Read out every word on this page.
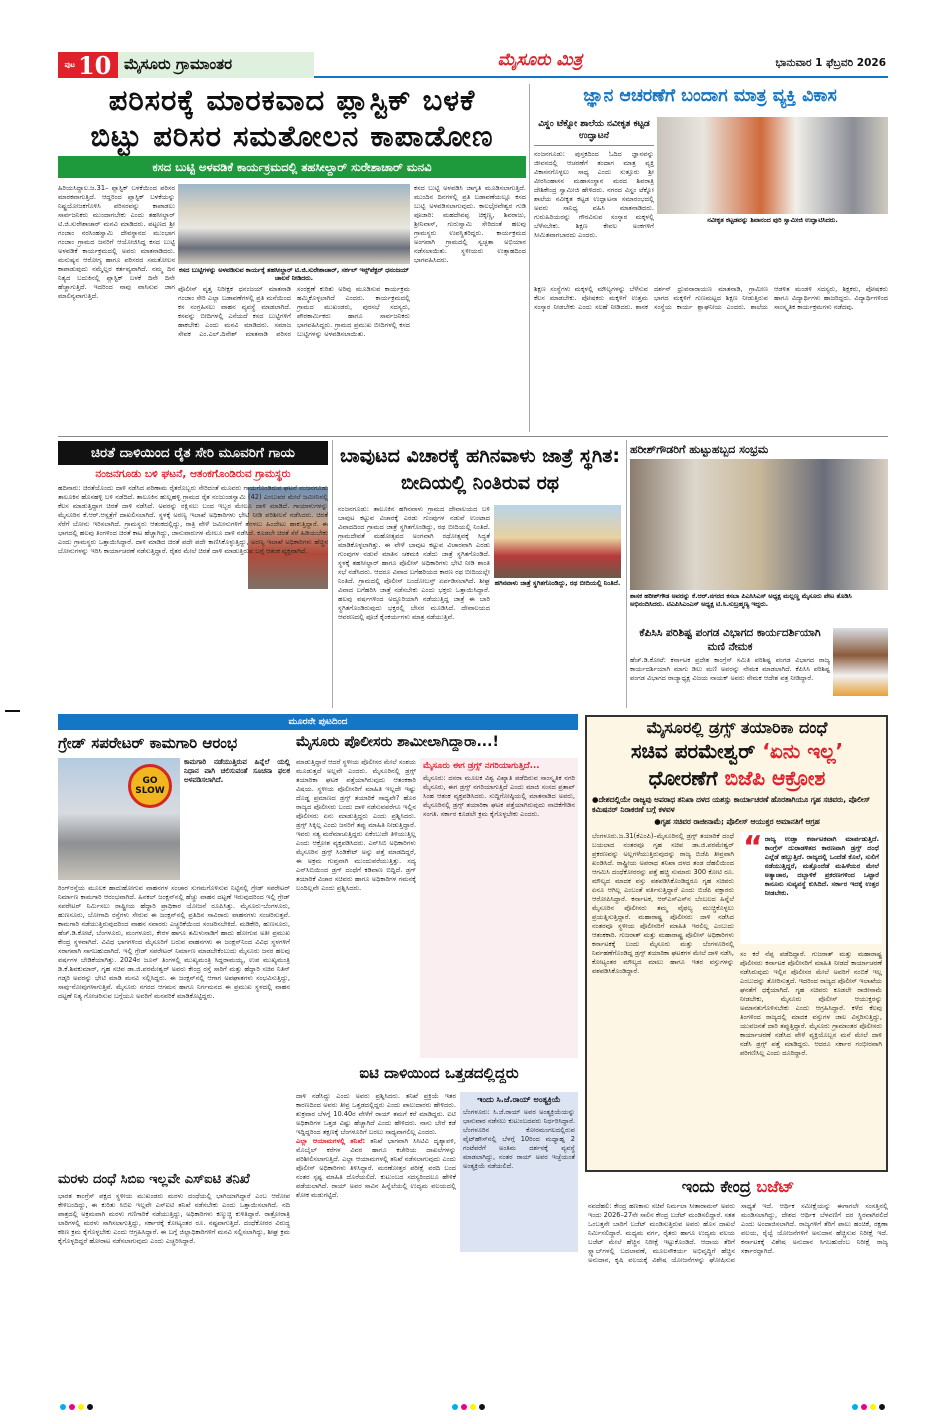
ಪುಟ 10 ಮೈಸೂರು ಗ್ರಾಮಾಂತರ	ಮೈಸೂರು ಮಿತ್ರ	ಭಾನುವಾರ 1 ಫೆಬ್ರವರಿ 2026
ಪರಿಸರಕ್ಕೆ ಮಾರಕವಾದ ಪ್ಲಾಸ್ಟಿಕ್ ಬಳಕೆ
ಬಿಟ್ಟು ಪರಿಸರ ಸಮತೋಲನ ಕಾಪಾಡೋಣ
ಕಸದ ಬುಟ್ಟಿ ಅಳವಡಿಕೆ ಕಾರ್ಯಕ್ರಮದಲ್ಲಿ ತಹಸೀಲ್ದಾರ್ ಸುರೇಶಾಚಾರ್ ಮನವಿ
ಹಿರಿಯಸಿದ್ದಾಲ.ಜ.31– ಪ್ಲಾಸ್ಟಿಕ್ ಬಳಕೆಯಿಂದ ಪರಿಸರ ಮಾರಕವಾಗುತ್ತಿದೆ. ಆದ್ದರಿಂದ ಪ್ಲಾಸ್ಟಿಕ್ ಬಳಕೆಯನ್ನು ನಿಷ್ಟ್ರಯೋಜಕಗೊಳಿಸಿ ಪರಿಸರವನ್ನು ಕಾಪಾಡಲು ಸಾರ್ವಜನಿಕರು ಮುಂದಾಗಬೇಕು ಎಂದು ತಹಸೀಲ್ದಾರ್ ಟಿ.ಜಿ.ಸುರೇಶಾಚಾರ್ ಮನವಿ ಮಾಡಿದರು. ಪಟ್ಟಣದ ಶ್ರೀ ಗಂಜಾಂ ನರಸಿಂಹಸ್ವಾಮಿ ದೇವಸ್ಥಾನದ ಮುಂಭಾಗ ಗಂಜಾಂ ಗ್ರಾಮದ ಜನರಿಗೆ ಆಯೋಜಿಸಿದ್ದ ಕಸದ ಬುಟ್ಟಿ ಅಳವಡಿಕೆ ಕಾರ್ಯಕ್ರಮದಲ್ಲಿ ಅವರು ಮಾತನಾಡಿದರು. ಮನುಷ್ಯನ ಆರೋಗ್ಯ ಹಾಗೂ ಪರಿಸರದ ಸಮತೋಲನ ಕಾಪಾಡುವುದು ನಮ್ಮೆಲ್ಲರ ಕರ್ತವ್ಯವಾಗಿದೆ. ನಮ್ಮ ದಿನ ನಿತ್ಯದ ಬದುಕಿನಲ್ಲಿ ಪ್ಲಾಸ್ಟಿಕ್ ಬಳಕೆ ದಿನೇ ದಿನೇ ಹೆಚ್ಚಾಗುತ್ತಿದೆ. ಇದರಿಂದ ನಾವು ವಾಸಿಸುವ ಜಾಗ ಮಾಲಿನ್ಯವಾಗುತ್ತಿದೆ.
ಕಸದ ಬುಟ್ಟಿಗಳನ್ನು ಅಳವಡಿಸುವ ಕಾರ್ಯಕ್ಕೆ ತಹಸೀಲ್ದಾರ್ ಟಿ.ಜಿ.ಸುರೇಶಾಚಾರ್, ಸರ್ಕಲ್ ಇನ್ಸ್‌ಪೆಕ್ಟರ್ ಧನಂಜಯ್ ಚಾಲನೆ ನೀಡಿದರು.
ಪೊಲೀಸ್ ವೃತ್ತ ನಿರೀಕ್ಷಕ ಧನಂಜಯ್ ಮಾತನಾಡಿ ಗಂಜಾಂ ಸೇರಿ ಎಲ್ಲಾ ಬಡಾವಣೆಗಳಲ್ಲಿ ಪ್ರತಿ ಮನೆಯಿಂದ ಕಸ ಸಂಗ್ರಹಿಸಲು ವಾಹನ ವ್ಯವಸ್ಥೆ ಮಾಡಲಾಗಿದೆ. ಕಸವನ್ನು ಬೀದಿಗಳಲ್ಲಿ ಎಸೆಯದೆ ಕಸದ ಬುಟ್ಟಿಗಳಿಗೆ ಹಾಕಬೇಕು ಎಂದು ಮನವಿ ಮಾಡಿದರು. ಸಮಾಜ ಸೇವಕ ಎಂ.ಎಲ್.ದಿನೇಶ್ ಮಾತನಾಡಿ ಪರಿಸರ ಸಂರಕ್ಷಣೆ ಕುರಿತು ಅರಿವು ಮೂಡಿಸುವ ಕಾರ್ಯಕ್ರಮ ಹಮ್ಮಿಕೊಳ್ಳಲಾಗಿದೆ ಎಂದರು. ಕಾರ್ಯಕ್ರಮದಲ್ಲಿ ಗ್ರಾಮದ ಮುಖಂಡರು, ಪುರಸಭೆ ಸದಸ್ಯರು, ಪೌರಕಾರ್ಮಿಕರು ಹಾಗೂ ಸಾರ್ವಜನಿಕರು ಭಾಗವಹಿಸಿದ್ದರು. ಗ್ರಾಮದ ಪ್ರಮುಖ ಬೀದಿಗಳಲ್ಲಿ ಕಸದ ಬುಟ್ಟಿಗಳನ್ನು ಅಳವಡಿಸಲಾಯಿತು.
ಕಸದ ಬುಟ್ಟಿ ಅಳವಡಿಸಿ ಜಾಗೃತಿ ಮೂಡಿಸಲಾಗುತ್ತಿದೆ. ಮುಂದಿನ ದಿನಗಳಲ್ಲಿ ಪ್ರತಿ ಬಡಾವಣೆಯಲ್ಲೂ ಕಸದ ಬುಟ್ಟಿ ಅಳವಡಿಸಲಾಗುವುದು. ಕಾಲಭೈರವೇಶ್ವರ ಗುಡಿ ಪೂಜಾರಿ: ಮಹದೇವಪ್ಪ ಚಿಕ್ಕಣ್ಣ, ಶಿವರಾಜು, ಶ್ರೀನಿವಾಸ್, ಗುರುಸ್ವಾಮಿ ಸೇರಿದಂತೆ ಹಲವು ಗ್ರಾಮಸ್ಥರು ಉಪಸ್ಥಿತರಿದ್ದರು. ಕಾರ್ಯಕ್ರಮದ ಅಂಗವಾಗಿ ಗ್ರಾಮದಲ್ಲಿ ಸ್ವಚ್ಛತಾ ಅಭಿಯಾನ ನಡೆಸಲಾಯಿತು. ಸ್ಥಳೀಯರು ಉತ್ಸಾಹದಿಂದ ಭಾಗವಹಿಸಿದರು.
ಜ್ಞಾನ ಆಚರಣೆಗೆ ಬಂದಾಗ ಮಾತ್ರ ವ್ಯಕ್ತಿ ವಿಕಾಸ
ವಿಸ್ಡಂ ಟೆಕ್ನೋ ಶಾಲೆಯ ನವೀಕೃತ ಕಟ್ಟಡ ಉದ್ಘಾಟನೆ
ನಂಜನಗೂಡು: ಪುಸ್ತಕದಿಂದ ಓದಿದ ಜ್ಞಾನವನ್ನು ಜೀವನದಲ್ಲಿ ಆಚರಣೆಗೆ ತಂದಾಗ ಮಾತ್ರ ವ್ಯಕ್ತಿ ವಿಕಾಸನಗೊಳ್ಳಲು ಸಾಧ್ಯ ಎಂದು ಸುತ್ತೂರು ಶ್ರೀ ವೀರಸಿಂಹಾಸನ ಮಹಾಸಂಸ್ಥಾನ ಮಠದ ಶಿವರಾತ್ರಿ ದೇಶಿಕೇಂದ್ರ ಸ್ವಾಮೀಜಿ ಹೇಳಿದರು. ನಗರದ ವಿಸ್ಡಂ ಟೆಕ್ನೋ ಶಾಲೆಯ ನವೀಕೃತ ಕಟ್ಟಡ ಉದ್ಘಾಟನಾ ಸಮಾರಂಭದಲ್ಲಿ ಅವರು ಸಾನಿಧ್ಯ ವಹಿಸಿ ಮಾತನಾಡಿದರು. ಗುರುಹಿರಿಯರನ್ನು ಗೌರವಿಸುವ ಸಂಸ್ಕಾರ ಮಕ್ಕಳಲ್ಲಿ ಬೆಳೆಸಬೇಕು. ಶಿಕ್ಷಣ ಕೇವಲ ಅಂಕಗಳಿಗೆ ಸೀಮಿತವಾಗಬಾರದು ಎಂದರು.
ನವೀಕೃತ ಕಟ್ಟಡವನ್ನು ಶಿವಾನಂದ ಪುರಿ ಸ್ವಾಮೀಜಿ ಉದ್ಘಾಟಿಸಿದರು.
ಶಿಕ್ಷಣ ಸಂಸ್ಥೆಗಳು ಮಕ್ಕಳಲ್ಲಿ ಮೌಲ್ಯಗಳನ್ನು ಬೆಳೆಸುವ ಕೆಲಸ ಮಾಡಬೇಕು. ಪೋಷಕರು ಮಕ್ಕಳಿಗೆ ಉತ್ತಮ ಸಂಸ್ಕಾರ ನೀಡಬೇಕು ಎಂದು ಸಲಹೆ ನೀಡಿದರು. ಶಾಸಕ ದರ್ಶನ್ ಧ್ರುವನಾರಾಯಣ ಮಾತನಾಡಿ, ಗ್ರಾಮೀಣ ಭಾಗದ ಮಕ್ಕಳಿಗೆ ಗುಣಮಟ್ಟದ ಶಿಕ್ಷಣ ನೀಡುತ್ತಿರುವ ಸಂಸ್ಥೆಯ ಕಾರ್ಯ ಶ್ಲಾಘನೀಯ ಎಂದರು. ಶಾಲೆಯ ಆಡಳಿತ ಮಂಡಳಿ ಸದಸ್ಯರು, ಶಿಕ್ಷಕರು, ಪೋಷಕರು ಹಾಗೂ ವಿದ್ಯಾರ್ಥಿಗಳು ಹಾಜರಿದ್ದರು. ವಿದ್ಯಾರ್ಥಿಗಳಿಂದ ಸಾಂಸ್ಕೃತಿಕ ಕಾರ್ಯಕ್ರಮಗಳು ನಡೆದವು.
ಚಿರತೆ ದಾಳಿಯಿಂದ ರೈತ ಸೇರಿ ಮೂವರಿಗೆ ಗಾಯ
ನಂಜನಗೂಡು ಬಳಿ ಘಟನೆ, ಆತಂಕಗೊಂಡಿರುವ ಗ್ರಾಮಸ್ಥರು
ಹದಿನಾರು: ಚಿರತೆಯೊಂದು ದಾಳಿ ನಡೆಸಿದ ಪರಿಣಾಮ ರೈತರೊಬ್ಬರು ಸೇರಿದಂತೆ ಮೂವರು ಗಾಯಗೊಂಡಿರುವ ಘಟನೆ ನಂಜನಗೂಡು ತಾಲೂಕಿನ ಹೊಸಹಳ್ಳಿ ಬಳಿ ನಡೆದಿದೆ. ತಾಲೂಕಿನ ಹುಲ್ಲಹಳ್ಳಿ ಗ್ರಾಮದ ರೈತ ನಂಜುಂಡಸ್ವಾಮಿ (42) ಎಂಬುವರ ಮೇಲೆ ಜಮೀನಿನಲ್ಲಿ ಕೆಲಸ ಮಾಡುತ್ತಿದ್ದಾಗ ಚಿರತೆ ದಾಳಿ ನಡೆಸಿದೆ. ಅವರನ್ನು ರಕ್ಷಿಸಲು ಬಂದ ಇಬ್ಬರ ಮೇಲೂ ದಾಳಿ ಮಾಡಿದೆ. ಗಾಯಾಳುಗಳನ್ನು ಮೈಸೂರಿನ ಕೆ.ಆರ್.ಆಸ್ಪತ್ರೆಗೆ ದಾಖಲಿಸಲಾಗಿದೆ. ಸ್ಥಳಕ್ಕೆ ಅರಣ್ಯ ಇಲಾಖೆ ಅಧಿಕಾರಿಗಳು ಭೇಟಿ ನೀಡಿ ಪರಿಶೀಲನೆ ನಡೆಸಿದರು. ಚಿರತೆ ಸೆರೆಗೆ ಬೋನು ಇರಿಸಲಾಗಿದೆ. ಗ್ರಾಮಸ್ಥರು ಆತಂಕದಲ್ಲಿದ್ದು, ರಾತ್ರಿ ವೇಳೆ ಜಮೀನುಗಳಿಗೆ ತೆರಳಲು ಹಿಂದೇಟು ಹಾಕುತ್ತಿದ್ದಾರೆ. ಈ ಭಾಗದಲ್ಲಿ ಹಲವು ತಿಂಗಳಿಂದ ಚಿರತೆ ಕಾಟ ಹೆಚ್ಚಾಗಿದ್ದು, ಜಾನುವಾರುಗಳ ಮೇಲೂ ದಾಳಿ ನಡೆಸಿದೆ. ಕೂಡಲೇ ಚಿರತೆ ಸೆರೆ ಹಿಡಿಯಬೇಕು ಎಂದು ಗ್ರಾಮಸ್ಥರು ಒತ್ತಾಯಿಸಿದ್ದಾರೆ. ದಾಳಿ ಮಾಡಿದ ಚಿರತೆ ಪದೇ ಪದೇ ಕಾಣಿಸಿಕೊಳ್ಳುತ್ತಿದ್ದು, ಅರಣ್ಯ ಇಲಾಖೆ ಅಧಿಕಾರಿಗಳು ಹೆಚ್ಚಿನ ಬೋನುಗಳನ್ನು ಇರಿಸಿ ಕಾರ್ಯಾಚರಣೆ ನಡೆಸುತ್ತಿದ್ದಾರೆ. ರೈತರ ಮೇಲೆ ಚಿರತೆ ದಾಳಿ ಮಾಡುತ್ತಿರುವ ಬಗ್ಗೆ ಆತಂಕ ವ್ಯಕ್ತವಾಗಿದೆ.
ಬಾವುಟದ ವಿಚಾರಕ್ಕೆ ಹಗಿನವಾಳು ಜಾತ್ರೆ ಸ್ಥಗಿತ: ಬೀದಿಯಲ್ಲಿ ನಿಂತಿರುವ ರಥ
ಹಗಿನವಾಳು ಜಾತ್ರೆ ಸ್ಥಗಿತಗೊಂಡಿದ್ದು, ರಥ ಬೀದಿಯಲ್ಲಿ ನಿಂತಿದೆ.
ನಂಜನಗೂಡು: ತಾಲೂಕಿನ ಹಗಿನವಾಳು ಗ್ರಾಮದ ದೇವಾಲಯದ ಬಳಿ ಬಾವುಟ ಕಟ್ಟುವ ವಿಚಾರಕ್ಕೆ ಎರಡು ಗುಂಪುಗಳ ನಡುವೆ ಉಂಟಾದ ವಿವಾದದಿಂದ ಗ್ರಾಮದ ಜಾತ್ರೆ ಸ್ಥಗಿತಗೊಂಡಿದ್ದು, ರಥ ಬೀದಿಯಲ್ಲಿ ನಿಂತಿದೆ. ಗ್ರಾಮದೇವತೆ ಮಹೋತ್ಸವದ ಅಂಗವಾಗಿ ರಥೋತ್ಸವಕ್ಕೆ ಸಿದ್ಧತೆ ಮಾಡಿಕೊಳ್ಳಲಾಗಿತ್ತು. ಈ ವೇಳೆ ಬಾವುಟ ಕಟ್ಟುವ ವಿಚಾರವಾಗಿ ಎರಡು ಗುಂಪುಗಳ ನಡುವೆ ಮಾತಿನ ಚಕಮಕಿ ನಡೆದು ಜಾತ್ರೆ ಸ್ಥಗಿತಗೊಂಡಿದೆ. ಸ್ಥಳಕ್ಕೆ ತಹಸೀಲ್ದಾರ್ ಹಾಗೂ ಪೊಲೀಸ್ ಅಧಿಕಾರಿಗಳು ಭೇಟಿ ನೀಡಿ ಶಾಂತಿ ಸಭೆ ನಡೆಸಿದರು. ಆದರೂ ವಿವಾದ ಬಗೆಹರಿಯದ ಕಾರಣ ರಥ ಬೀದಿಯಲ್ಲೇ ನಿಂತಿದೆ. ಗ್ರಾಮದಲ್ಲಿ ಪೊಲೀಸ್ ಬಂದೋಬಸ್ತ್ ಏರ್ಪಡಿಸಲಾಗಿದೆ. ಶೀಘ್ರ ವಿವಾದ ಬಗೆಹರಿಸಿ ಜಾತ್ರೆ ನಡೆಸಬೇಕು ಎಂದು ಭಕ್ತರು ಒತ್ತಾಯಿಸಿದ್ದಾರೆ. ಹಲವು ವರ್ಷಗಳಿಂದ ಅದ್ಧೂರಿಯಾಗಿ ನಡೆಯುತ್ತಿದ್ದ ಜಾತ್ರೆ ಈ ಬಾರಿ ಸ್ಥಗಿತಗೊಂಡಿರುವುದು ಭಕ್ತರಲ್ಲಿ ಬೇಸರ ಮೂಡಿಸಿದೆ. ದೇವಾಲಯದ ಆವರಣದಲ್ಲಿ ಪೂಜೆ ಕೈಂಕರ್ಯಗಳು ಮಾತ್ರ ನಡೆಯುತ್ತಿವೆ.
ಹರೀಶ್‌ಗೌಡರಿಗೆ ಹುಟ್ಟುಹಬ್ಬದ ಸಂಭ್ರಮ
ಶಾಸಕ ಹರೀಶ್‌ಗೌಡ ಅವರನ್ನು ಕೆ.ಆರ್.ನಗರದ ಕಸಬಾ ಪಿಎಸಿಸಿಎಸ್ ಅಧ್ಯಕ್ಷ ಮಲ್ಲಣ್ಣ ಮೈಸೂರು ಪೇಟ ತೊಡಿಸಿ ಅಭಿನಂದಿಸಿದರು. ಟಿಎಪಿಸಿಎಂಎಸ್ ಅಧ್ಯಕ್ಷ ಟಿ.ಸಿ.ಸುಬ್ರಹ್ಮಣ್ಯ ಇದ್ದರು.
ಕೆಪಿಸಿಸಿ ಪರಿಶಿಷ್ಟ ಪಂಗಡ ವಿಭಾಗದ ಕಾರ್ಯದರ್ಶಿಯಾಗಿ ಮಣಿ ನೇಮಕ
ಹೆಚ್.ಡಿ.ಕೋಟೆ: ಕರ್ನಾಟಕ ಪ್ರದೇಶ ಕಾಂಗ್ರೆಸ್ ಸಮಿತಿ ಪರಿಶಿಷ್ಟ ಪಂಗಡ ವಿಭಾಗದ ರಾಜ್ಯ ಕಾರ್ಯದರ್ಶಿಯಾಗಿ ಮಾಗು ಡಿಲು ಮಣಿ ಅವರನ್ನು ನೇಮಕ ಮಾಡಲಾಗಿದೆ. ಕೆಪಿಸಿಸಿ ಪರಿಶಿಷ್ಟ ಪಂಗಡ ವಿಭಾಗದ ರಾಜ್ಯಾಧ್ಯಕ್ಷ ವಿಜಯ ನಾಯಕ್ ಅವರು ನೇಮಕ ಆದೇಶ ಪತ್ರ ನೀಡಿದ್ದಾರೆ.
ಮೂರನೇ ಪುಟದಿಂದ
ಗ್ರೇಡ್ ಸಪರೇಟರ್ ಕಾಮಗಾರಿ ಆರಂಭ
GO
SLOW
ಕಾಮಗಾರಿ ನಡೆಯುತ್ತಿರುವ ಹಿನ್ನೆಲೆ ಯಲ್ಲಿ ನಿಧಾನ ವಾಗಿ ಚಲಿಸುವಂತೆ ಸೂಚನಾ ಫಲಕ ಅಳವಡಿಸಲಾಗಿದೆ.
ರಿಂಗ್‌ರಸ್ತೆಯ ಮೂಲಕ ಹಾದುಹೋಗುವ ವಾಹನಗಳ ಸಂಚಾರ ಸುಗಮಗೊಳಿಸುವ ನಿಟ್ಟಿನಲ್ಲಿ ಗ್ರೇಡ್ ಸಪರೇಟರ್ ನಿರ್ಮಾಣ ಕಾಮಗಾರಿ ಆರಂಭವಾಗಿದೆ. ಹಿನಕಲ್ ಜಂಕ್ಷನ್‌ನಲ್ಲಿ ಹೆಚ್ಚು ವಾಹನ ದಟ್ಟಣೆ ಇರುವುದರಿಂದ ಇಲ್ಲಿ ಗ್ರೇಡ್ ಸಪರೇಟರ್ ನಿರ್ಮಿಸಲು ರಾಷ್ಟ್ರೀಯ ಹೆದ್ದಾರಿ ಪ್ರಾಧಿಕಾರ ಯೋಜನೆ ರೂಪಿಸಿತ್ತು. ಮೈಸೂರು-ಬೆಂಗಳೂರು, ಹುಣಸೂರು, ಬೋಗಾದಿ ರಸ್ತೆಗಳು ಸೇರುವ ಈ ಜಂಕ್ಷನ್‌ನಲ್ಲಿ ಪ್ರತಿದಿನ ಸಾವಿರಾರು ವಾಹನಗಳು ಸಂಚರಿಸುತ್ತವೆ. ಕಾಮಗಾರಿ ನಡೆಯುತ್ತಿರುವುದರಿಂದ ವಾಹನ ಸವಾರರು ಎಚ್ಚರಿಕೆಯಿಂದ ಸಂಚರಿಸಬೇಕಿದೆ. ಮಡಿಕೇರಿ, ಹುಣಸೂರು, ಹೆಚ್.ಡಿ.ಕೋಟೆ, ಬೆಂಗಳೂರು, ಮಂಗಳೂರು, ಕೇರಳ ಹಾಗೂ ತಮಿಳುನಾಡಿಗೆ ಹಾದು ಹೋಗುವ ಅತೀ ಪ್ರಮುಖ ಕೇಂದ್ರ ಸ್ಥಳವಾಗಿದೆ. ವಿವಿಧ ಭಾಗಗಳಿಂದ ಮೈಸೂರಿಗೆ ಬರುವ ವಾಹನಗಳು ಈ ಜಂಕ್ಷನ್‌ನಿಂದ ವಿವಿಧ ಸ್ಥಳಗಳಿಗೆ ಸರಾಗವಾಗಿ ಸಾಗಬಹುದಾಗಿದೆ. ಇಲ್ಲಿ ಗ್ರೇಡ್ ಸಪರೇಟರ್ ನಿರ್ಮಾಣ ಮಾಡಬೇಕೆಂಬುದು ಮೈಸೂರು ಜನರ ಹಲವು ವರ್ಷಗಳ ಬೇಡಿಕೆಯಾಗಿತ್ತು. 2024ರ ಜೂನ್ ತಿಂಗಳಲ್ಲಿ ಮುಖ್ಯಮಂತ್ರಿ ಸಿದ್ದರಾಮಯ್ಯ, ಉಪ ಮುಖ್ಯಮಂತ್ರಿ ಡಿ.ಕೆ.ಶಿವಕುಮಾರ್, ಗೃಹ ಸಚಿವ ಡಾ.ಜಿ.ಪರಮೇಶ್ವರ್ ಅವರು ಕೇಂದ್ರ ರಸ್ತೆ ಸಾರಿಗೆ ಮತ್ತು ಹೆದ್ದಾರಿ ಸಚಿವ ನಿತಿನ್ ಗಡ್ಕರಿ ಅವರನ್ನು ಭೇಟಿ ಮಾಡಿ ಮನವಿ ಸಲ್ಲಿಸಿದ್ದರು. ಈ ಜಂಕ್ಷನ್‌ನಲ್ಲಿ ಆಗಾಗ ಅಪಘಾತಗಳು ಸಂಭವಿಸುತ್ತಿದ್ದು, ಸಾವು-ನೋವುಗಳಾಗುತ್ತಿವೆ. ಮೈಸೂರು ನಗರದ ಆಗಮನ ಹಾಗೂ ನಿರ್ಗಮನದ ಈ ಪ್ರಮುಖ ಸ್ಥಳದಲ್ಲಿ ವಾಹನ ದಟ್ಟಣೆ ನಿತ್ಯ ಗೋಚರಿಸುವ ಬಗ್ಗೆಯೂ ಅವರಿಗೆ ಮನವರಿಕೆ ಮಾಡಿಕೊಟ್ಟಿದ್ದರು.
ಮರಳು ದಂಧೆ ಸಿಬಿಐ ಇಲ್ಲವೇ ಎಸ್‌ಐಟಿ ತನಿಖೆ
ಭಾರತ ಕಾಂಗ್ರೆಸ್ ಪಕ್ಷದ ಸ್ಥಳೀಯ ಮುಖಂಡರು ಮರಳು ದಂಧೆಯಲ್ಲಿ ಭಾಗಿಯಾಗಿದ್ದಾರೆ ಎಂಬ ಆರೋಪ ಕೇಳಿಬಂದಿದ್ದು, ಈ ಕುರಿತು ಸಿಬಿಐ ಇಲ್ಲವೇ ಎಸ್‌ಐಟಿ ತನಿಖೆ ನಡೆಸಬೇಕು ಎಂದು ಒತ್ತಾಯಿಸಲಾಗಿದೆ. ನದಿ ಪಾತ್ರದಲ್ಲಿ ಅಕ್ರಮವಾಗಿ ಮರಳು ಗಣಿಗಾರಿಕೆ ನಡೆಯುತ್ತಿದ್ದು, ಅಧಿಕಾರಿಗಳು ಕಣ್ಮುಚ್ಚಿ ಕುಳಿತಿದ್ದಾರೆ. ರಾತ್ರೋರಾತ್ರಿ ಲಾರಿಗಳಲ್ಲಿ ಮರಳು ಸಾಗಿಸಲಾಗುತ್ತಿದ್ದು, ಸರ್ಕಾರಕ್ಕೆ ಕೋಟ್ಯಂತರ ರೂ. ನಷ್ಟವಾಗುತ್ತಿದೆ. ದಂಧೆಕೋರರ ವಿರುದ್ಧ ಕಠಿಣ ಕ್ರಮ ಕೈಗೊಳ್ಳಬೇಕು ಎಂದು ಆಗ್ರಹಿಸಿದ್ದಾರೆ. ಈ ಬಗ್ಗೆ ಜಿಲ್ಲಾಧಿಕಾರಿಗಳಿಗೆ ಮನವಿ ಸಲ್ಲಿಸಲಾಗಿದ್ದು, ಶೀಘ್ರ ಕ್ರಮ ಕೈಗೊಳ್ಳದಿದ್ದರೆ ಹೋರಾಟ ನಡೆಸಲಾಗುವುದು ಎಂದು ಎಚ್ಚರಿಸಿದ್ದಾರೆ.
ಮೈಸೂರು ಪೊಲೀಸರು ಶಾಮೀಲಾಗಿದ್ದಾರಾ...!
ಮಾಡುತ್ತಿದ್ದಾರೆ ಆದರೆ ಸ್ಥಳೀಯ ಪೊಲೀಸರ ಮೇಲೆ ಸಂಶಯ ಮೂಡುತ್ತದೆ ಅಲ್ಲವೇ ಎಂದರು. ಮೈಸೂರಿನಲ್ಲಿ ಡ್ರಗ್ಸ್ ತಯಾರಿಕಾ ಘಟಕ ಪತ್ತೆಯಾಗಿರುವುದು ಆತಂಕಕಾರಿ ವಿಷಯ. ಸ್ಥಳೀಯ ಪೊಲೀಸರಿಗೆ ಮಾಹಿತಿ ಇಲ್ಲದೇ ಇಷ್ಟು ದೊಡ್ಡ ಪ್ರಮಾಣದ ಡ್ರಗ್ಸ್ ತಯಾರಿಕೆ ಸಾಧ್ಯವೇ? ಹೊರ ರಾಜ್ಯದ ಪೊಲೀಸರು ಬಂದು ದಾಳಿ ನಡೆಸುವವರೆಗೂ ಇಲ್ಲಿನ ಪೊಲೀಸರು ಏನು ಮಾಡುತ್ತಿದ್ದರು ಎಂದು ಪ್ರಶ್ನಿಸಿದರು. ಡ್ರಗ್ಸ್ ಸಿಕ್ಕಿಲ್ಲ ಎಂದು ಜನರಿಗೆ ತಪ್ಪು ಮಾಹಿತಿ ನೀಡುತ್ತಿದ್ದಾರೆ. ಇವರು ಸತ್ಯ ಮರೆಮಾಚುತ್ತಿದ್ದರು ಏಕೆಂಬುದೇ ತಿಳಿಯುತ್ತಿಲ್ಲ ಎಂದು ಆಕ್ರೋಶ ವ್ಯಕ್ತಪಡಿಸಿದರು. ಎನ್‌ಸಿಬಿ ಅಧಿಕಾರಿಗಳು ಮೈಸೂರಿನ ಡ್ರಗ್ಸ್ ಸಿಂಡಿಕೇಟ್ ಅನ್ನು ಪತ್ತೆ ಮಾಡದಿದ್ದರೆ, ಈ ಅಕ್ರಮ ಗುಪ್ತವಾಗಿ ಮುಂದುವರೆಯುತ್ತಿತ್ತು. ಸದ್ಯ ಎನ್‌ಸಿಬಿಯಿಂದ ಡ್ರಗ್ ದಂಧೆಗೆ ಕಡಿವಾಣ ಬಿದ್ದಿದೆ. ಡ್ರಗ್ ತಯಾರಿಕೆ ವಿಚಾರ ಸಚಿವರು ಹಾಗೂ ಅಧಿಕಾರಿಗಳ ಗಮನಕ್ಕೆ ಬಂದಿಲ್ಲವೇ ಎಂದು ಪ್ರಶ್ನಿಸಿದರು.
ಮೈಸೂರು ಈಗ ಡ್ರಗ್ಸ್ ನಗರಿಯಾಗುತ್ತಿದೆ...
ಮೈಸೂರು: ದಸರಾ ಮೂಲಕ ವಿಶ್ವ ವಿಖ್ಯಾತಿ ಪಡೆದಿರುವ ಸಾಂಸ್ಕೃತಿಕ ನಗರಿ ಮೈಸೂರು, ಈಗ ಡ್ರಗ್ಸ್ ನಗರಿಯಾಗುತ್ತಿದೆ ಎಂದು ಮಾಜಿ ಸಂಸದ ಪ್ರತಾಪ್ ಸಿಂಹ ಆತಂಕ ವ್ಯಕ್ತಪಡಿಸಿದರು. ಸುದ್ದಿಗೋಷ್ಠಿಯಲ್ಲಿ ಮಾತನಾಡಿದ ಅವರು, ಮೈಸೂರಿನಲ್ಲಿ ಡ್ರಗ್ಸ್ ತಯಾರಿಕಾ ಘಟಕ ಪತ್ತೆಯಾಗಿರುವುದು ನಾಚಿಕೆಗೇಡಿನ ಸಂಗತಿ. ಸರ್ಕಾರ ಕೂಡಲೇ ಕ್ರಮ ಕೈಗೊಳ್ಳಬೇಕು ಎಂದರು.
ಐಟಿ ದಾಳಿಯಿಂದ ಒತ್ತಡದಲ್ಲಿದ್ದರು
ದಾಳಿ ನಡೆಸಿದ್ದು ಎಂದು ಅವರು ಪ್ರಶ್ನಿಸಿದರು. ತನಿಖೆ ಪ್ರಕ್ರಿಯೆ ಇತರ ಕಾರಣದಿಂದ ಅವರು ತೀವ್ರ ಒತ್ತಡದಲ್ಲಿದ್ದರು ಎಂದು ಪಾಲುದಾರರು ಹೇಳಿದರು. ಶುಕ್ರವಾರ ಬೆಳಗ್ಗೆ 10.40ರ ವೇಳೆಗೆ ರಾಯ್ ತಮಗೆ ಕರೆ ಮಾಡಿದ್ದರು. ಐಟಿ ಅಧಿಕಾರಿಗಳ ಒತ್ತಡ ವಿಷ್ಟು ಹೆಚ್ಚಾಗಿದೆ ಎಂದು ಹೇಳಿದರು. ನಾನು ಬೇರೆ ಕಡೆ ಇದ್ದಿದ್ದರಿಂದ ತಕ್ಷಣಕ್ಕೆ ಬೆಂಗಳೂರಿಗೆ ಬರಲು ಸಾಧ್ಯವಾಗಲಿಲ್ಲ ಎಂದರು.
ಎಲ್ಲಾ ಆಯಾಮಗಳಲ್ಲಿ ತನಿಖೆ: ತನಿಖೆ ಭಾಗವಾಗಿ ಸಿಸಿಟಿವಿ ದೃಶ್ಯಾವಳಿ, ಮೊಬೈಲ್ ಕರೆಗಳ ವಿವರ ಹಾಗೂ ಕಚೇರಿಯ ದಾಖಲೆಗಳನ್ನು ಪರಿಶೀಲಿಸಲಾಗುತ್ತಿದೆ. ಎಲ್ಲಾ ಆಯಾಮಗಳಲ್ಲಿ ತನಿಖೆ ನಡೆಸಲಾಗುವುದು ಎಂದು ಪೊಲೀಸ್ ಅಧಿಕಾರಿಗಳು ತಿಳಿಸಿದ್ದಾರೆ. ಮರಣೋತ್ತರ ಪರೀಕ್ಷೆ ವರದಿ ಬಂದ ನಂತರ ಸ್ಪಷ್ಟ ಮಾಹಿತಿ ದೊರೆಯಲಿದೆ. ಕುಟುಂಬದ ಸದಸ್ಯರಿಂದಲೂ ಹೇಳಿಕೆ ಪಡೆಯಲಾಗಿದೆ. ರಾಯ್ ಅವರ ಸಾವಿನ ಹಿನ್ನೆಲೆಯಲ್ಲಿ ಉದ್ಯಮ ವಲಯದಲ್ಲಿ ಶೋಕ ಮಡುಗಟ್ಟಿದೆ.
ಇಂದು ಸಿ.ಜೆ.ರಾಯ್ ಅಂತ್ಯಕ್ರಿಯೆ
ಬೆಂಗಳೂರು: ಸಿ.ಜೆ.ರಾಯ್ ಅವರ ಅಂತ್ಯಕ್ರಿಯೆಯನ್ನು ಭಾನುವಾರ ನಡೆಸಲು ಕುಟುಂಬದವರು ನಿರ್ಧರಿಸಿದ್ದಾರೆ. ಬೆಂಗಳೂರಿನ ಕೋರಮಂಗಲದಲ್ಲಿರುವ ವೈಟ್‌ಹೌಸ್‌ನಲ್ಲಿ ಬೆಳಗ್ಗೆ 10ರಿಂದ ಮಧ್ಯಾಹ್ನ 2 ಗಂಟೆವರೆಗೆ ಅಂತಿಮ ದರ್ಶನಕ್ಕೆ ವ್ಯವಸ್ಥೆ ಮಾಡಲಾಗಿದ್ದು, ನಂತರ ರಾಯ್ ಅವರ ಇಚ್ಛೆಯಂತೆ ಅಂತ್ಯಕ್ರಿಯೆ ನಡೆಯಲಿದೆ.
ಮೈಸೂರಲ್ಲಿ ಡ್ರಗ್ಸ್ ತಯಾರಿಕಾ ದಂಧೆ
ಸಚಿವ ಪರಮೇಶ್ವರ್ ‘ಏನು ಇಲ್ಲ’
ಧೋರಣೆಗೆ ಬಿಜೆಪಿ ಆಕ್ರೋಶ
●ದೇಶದಲ್ಲಿಯೇ ರಾಜ್ಯವು ಅಪರಾಧ ತನಿಖಾ ದಳದ ಯಶಸ್ಸು ಕಾರ್ಯಾಚರಣೆ ಹೊರತಾಗಿಯೂ ಗೃಹ ಸಚಿವರು, ಪೊಲೀಸ್ ಕಮಿಷನರ್ ನಿರಾಕರಣೆ ಬಗ್ಗೆ ಕಳವಳ
●ಗೃಹ ಸಚಿವರ ರಾಜೀನಾಮೆ; ಪೊಲೀಸ್ ಆಯುಕ್ತರ ಅಮಾನತಿಗೆ ಆಗ್ರಹ
ಬೆಂಗಳೂರು.ಜ.31(ಕೆಎಂಪಿ)–ಮೈಸೂರಿನಲ್ಲಿ ಡ್ರಗ್ಸ್ ತಯಾರಿಕೆ ದಂಧೆ ಬಯಲಾದ ನಂತರವೂ ಗೃಹ ಸಚಿವ ಡಾ.ಜಿ.ಪರಮೇಶ್ವರ್ ಪ್ರಕರಣವನ್ನು ಅಲ್ಲಗಳೆಯುತ್ತಿರುವುದನ್ನು ರಾಜ್ಯ ಬಿಜೆಪಿ ತೀವ್ರವಾಗಿ ಖಂಡಿಸಿದೆ. ರಾಷ್ಟ್ರೀಯ ಅಪರಾಧ ತನಿಖಾ ದಳದ ತಂಡ ದೆಹಲಿಯಿಂದ ಆಗಮಿಸಿ ದಂಧೆಕೋರರನ್ನು ಪತ್ತೆ ಹಚ್ಚಿ ಸುಮಾರು 300 ಕೋಟಿ ರೂ. ಮೌಲ್ಯದ ಮಾದಕ ವಸ್ತು ವಶಪಡಿಸಿಕೊಂಡಿದ್ದರೂ ಗೃಹ ಸಚಿವರು ಏನೂ ಆಗಿಲ್ಲ ಎಂಬಂತೆ ವರ್ತಿಸುತ್ತಿದ್ದಾರೆ ಎಂದು ಬಿಜೆಪಿ ವಕ್ತಾರರು ಆರೋಪಿಸಿದ್ದಾರೆ. ಕರ್ನಾಟಕ, ಆರ್‌ಎಸ್‌ಎಸ್‌ನ ಬೆಂಬಲದ ಹಿನ್ನೆಲೆ ಮೈಸೂರಿನ ಪೊಲೀಸರು ತಮ್ಮ ವೈಫಲ್ಯ ಮುಚ್ಚಿಕೊಳ್ಳಲು ಪ್ರಯತ್ನಿಸುತ್ತಿದ್ದಾರೆ. ಮಹಾರಾಷ್ಟ್ರ ಪೊಲೀಸರು ದಾಳಿ ನಡೆಸಿದ ನಂತರವೂ ಸ್ಥಳೀಯ ಪೊಲೀಸರಿಗೆ ಮಾಹಿತಿ ಇರಲಿಲ್ಲ ಎಂಬುದು ಆತಂಕಕಾರಿ. ಗುಜರಾತ್ ಮತ್ತು ಮಹಾರಾಷ್ಟ್ರ ಪೊಲೀಸ್ ಅಧಿಕಾರಿಗಳು ಕರ್ನಾಟಕಕ್ಕೆ ಬಂದು ಮೈಸೂರು ಮತ್ತು ಬೆಂಗಳೂರಿನಲ್ಲಿ ನಿರ್ವಹಣೆಗೊಂಡಿದ್ದ ಡ್ರಗ್ಸ್ ತಯಾರಿಕಾ ಘಟಕಗಳ ಮೇಲೆ ದಾಳಿ ನಡೆಸಿ, ಕೋಟ್ಯಂತರ ಮೌಲ್ಯದ ಮಾಲು ಹಾಗೂ ಇತರ ವಸ್ತುಗಳನ್ನು ವಶಪಡಿಸಿಕೊಂಡಿದ್ದಾರೆ.
“ ರಾಜ್ಯ ಉಡ್ತಾ ಕರ್ನಾಟಕವಾಗಿ ಮಾರ್ಪಡುತ್ತಿದೆ. ಕಾಂಗ್ರೆಸ್ ದುರಾಡಳಿತದ ಕಾರಣವಾಗಿ ಡ್ರಗ್ಸ್ ದಂಧೆ ಎಲ್ಲೆಡೆ ಹಬ್ಬುತ್ತಿದೆ. ರಾಜ್ಯದಲ್ಲಿ ಒಂದೆಡೆ ಕೊಲೆ, ಸುಲಿಗೆ ನಡೆಯುತ್ತಿದ್ದರೆ, ಮತ್ತೊಂದೆಡೆ ಮಹಿಳೆಯರ ಮೇಲೆ ಅತ್ಯಾಚಾರ, ದಬ್ಬಾಳಿಕೆ ಪ್ರಕರಣಗಳಿಂದ ಒಟ್ಟಾರೆ ಕಾನೂನು ಸುವ್ಯವಸ್ಥೆ ಕುಸಿದಿದೆ. ಸರ್ಕಾರ ಇದಕ್ಕೆ ಉತ್ತರ ನೀಡಬೇಕು.
ಸಂ ಕರೆ ನೆಪ್ಪ ಪಡೆದಿದ್ದಾರೆ. ಗುಜರಾತ್ ಮತ್ತು ಮಹಾರಾಷ್ಟ್ರ ಪೊಲೀಸರು ಕರ್ನಾಟಕ ಪೊಲೀಸರಿಗೆ ಮಾಹಿತಿ ನೀಡದೆ ಕಾರ್ಯಾಚರಣೆ ನಡೆಸಿರುವುದು ಇಲ್ಲಿನ ಪೊಲೀಸರ ಮೇಲೆ ಅವರಿಗೆ ನಂಬಿಕೆ ಇಲ್ಲ ಎಂಬುದನ್ನು ತೋರಿಸುತ್ತದೆ. ಇದರಿಂದ ರಾಜ್ಯದ ಪೊಲೀಸ್ ಇಲಾಖೆಯ ಘನತೆಗೆ ಧಕ್ಕೆಯಾಗಿದೆ. ಗೃಹ ಸಚಿವರು ಕೂಡಲೇ ರಾಜೀನಾಮೆ ನೀಡಬೇಕು, ಮೈಸೂರು ಪೊಲೀಸ್ ಆಯುಕ್ತರನ್ನು ಅಮಾನತುಗೊಳಿಸಬೇಕು ಎಂದು ಆಗ್ರಹಿಸಿದ್ದಾರೆ. ಕಳೆದ ಕೆಲವು ತಿಂಗಳಿಂದ ರಾಜ್ಯದಲ್ಲಿ ಮಾದಕ ವಸ್ತುಗಳ ಜಾಲ ವಿಸ್ತರಿಸುತ್ತಿದ್ದು, ಯುವಜನತೆ ದಾರಿ ತಪ್ಪುತ್ತಿದ್ದಾರೆ. ಮೈಸೂರು ಗ್ರಾಮಾಂತರ ಪೊಲೀಸರು ಕಾರ್ಯಾಚರಣೆ ನಡೆಸಿದ ವೇಳೆ ವ್ಯಕ್ತಿಯೊಬ್ಬನ ಮನೆ ಮೇಲೆ ದಾಳಿ ನಡೆಸಿ ಡ್ರಗ್ಸ್ ಪತ್ತೆ ಮಾಡಿದ್ದರು. ಆದರೂ ಸರ್ಕಾರ ಗಂಭೀರವಾಗಿ ಪರಿಗಣಿಸಿಲ್ಲ ಎಂದು ದೂರಿದ್ದಾರೆ.
ಇಂದು ಕೇಂದ್ರ ಬಜೆಟ್
ನವದೆಹಲಿ: ಕೇಂದ್ರ ಹಣಕಾಸು ಸಚಿವೆ ನಿರ್ಮಲಾ ಸೀತಾರಾಮನ್ ಅವರು ಇಂದು 2026–27ನೇ ಸಾಲಿನ ಕೇಂದ್ರ ಬಜೆಟ್ ಮಂಡಿಸಲಿದ್ದಾರೆ. ಸತತ ಒಂಬತ್ತನೇ ಬಾರಿಗೆ ಬಜೆಟ್ ಮಂಡಿಸುತ್ತಿರುವ ಅವರು ಹೊಸ ದಾಖಲೆ ನಿರ್ಮಿಸಲಿದ್ದಾರೆ. ಮಧ್ಯಮ ವರ್ಗ, ರೈತರು ಹಾಗೂ ಉದ್ಯಮ ವಲಯ ಬಜೆಟ್ ಮೇಲೆ ಹೆಚ್ಚಿನ ನಿರೀಕ್ಷೆ ಇಟ್ಟುಕೊಂಡಿದೆ. ಆದಾಯ ತೆರಿಗೆ ಸ್ಲ್ಯಾಬ್‌ಗಳಲ್ಲಿ ಬದಲಾವಣೆ, ಮೂಲಸೌಕರ್ಯ ಅಭಿವೃದ್ಧಿಗೆ ಹೆಚ್ಚಿನ ಅನುದಾನ, ಕೃಷಿ ವಲಯಕ್ಕೆ ವಿಶೇಷ ಯೋಜನೆಗಳನ್ನು ಘೋಷಿಸುವ ಸಾಧ್ಯತೆ ಇದೆ. ಆರ್ಥಿಕ ಸಮೀಕ್ಷೆಯನ್ನು ಈಗಾಗಲೇ ಸಂಸತ್ತಿನಲ್ಲಿ ಮಂಡಿಸಲಾಗಿದ್ದು, ದೇಶದ ಆರ್ಥಿಕ ಬೆಳವಣಿಗೆ ದರ ಸ್ಥಿರವಾಗಿರಲಿದೆ ಎಂದು ಅಂದಾಜಿಸಲಾಗಿದೆ. ರಾಜ್ಯಗಳಿಗೆ ತೆರಿಗೆ ಪಾಲು ಹಂಚಿಕೆ, ರಕ್ಷಣಾ ವಲಯ, ರೈಲ್ವೆ ಯೋಜನೆಗಳಿಗೆ ಅನುದಾನ ಹೆಚ್ಚಿಸುವ ನಿರೀಕ್ಷೆ ಇದೆ. ಕರ್ನಾಟಕಕ್ಕೆ ವಿಶೇಷ ಅನುದಾನ ಸಿಗಬಹುದೆಂಬ ನಿರೀಕ್ಷೆ ರಾಜ್ಯ ಸರ್ಕಾರದ್ದಾಗಿದೆ.
